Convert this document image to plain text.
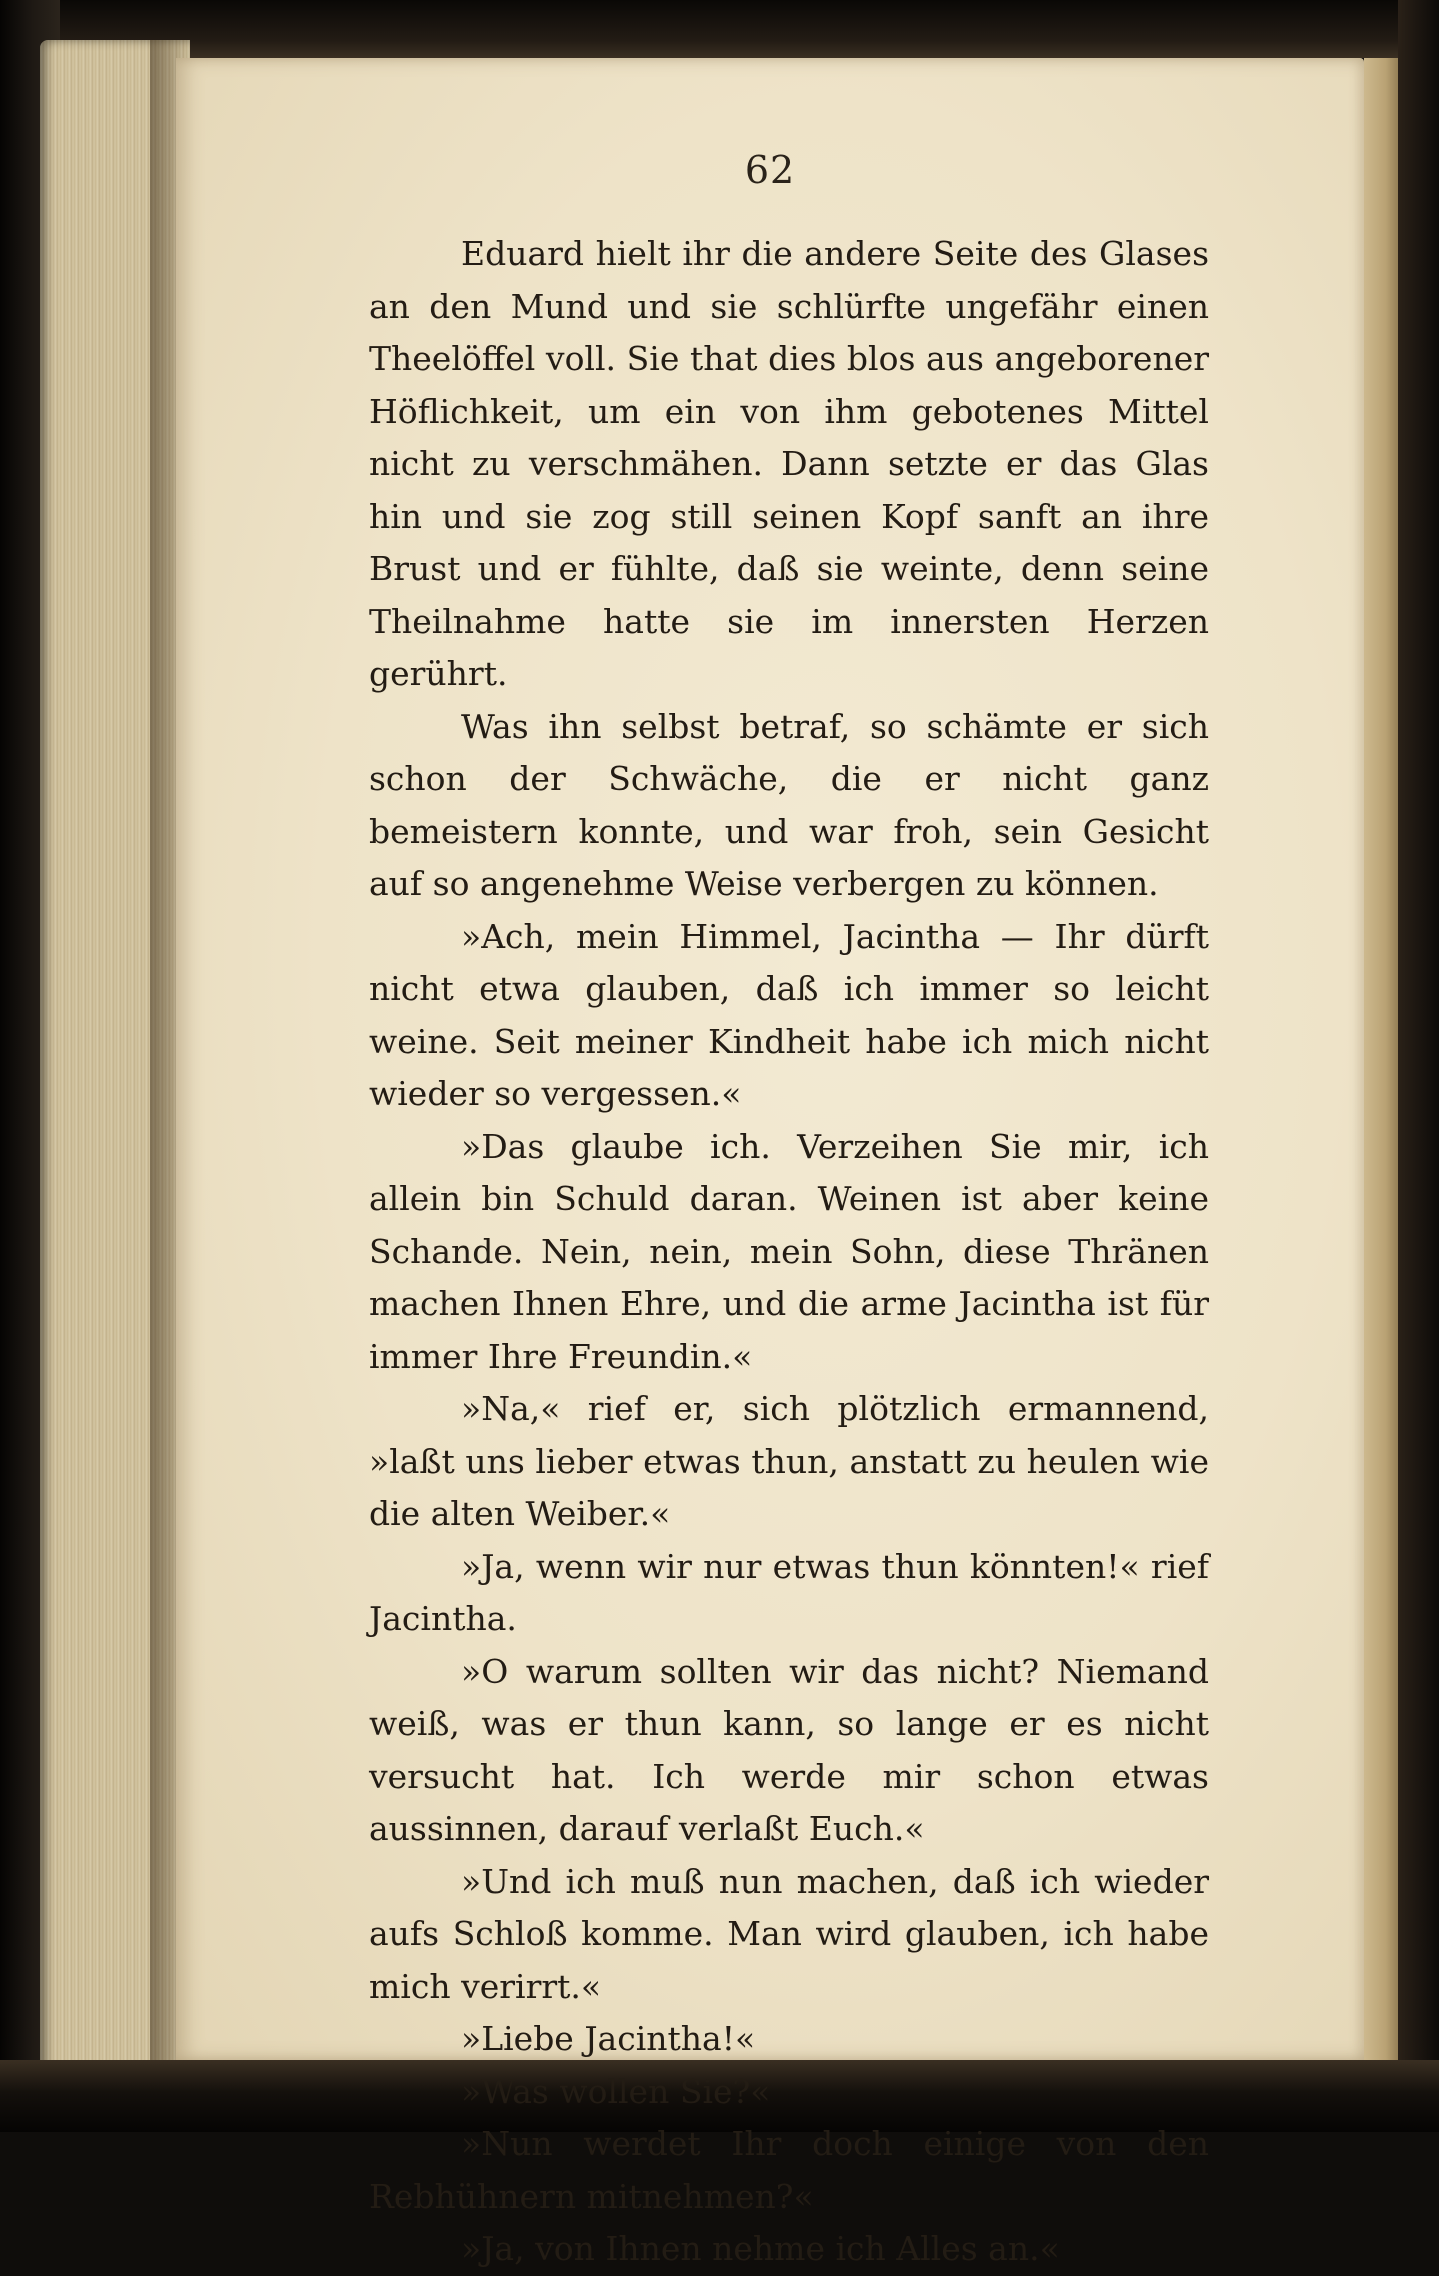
62

Eduard hielt ihr die andere Seite des Glases an den Mund und sie schlürfte ungefähr einen Theelöffel voll. Sie that dies blos aus angeborener Höflichkeit, um ein von ihm gebotenes Mittel nicht zu verschmähen. Dann setzte er das Glas hin und sie zog still seinen Kopf sanft an ihre Brust und er fühlte, daß sie weinte, denn seine Theilnahme hatte sie im innersten Herzen gerührt.

Was ihn selbst betraf, so schämte er sich schon der Schwäche, die er nicht ganz bemeistern konnte, und war froh, sein Gesicht auf so angenehme Weise verbergen zu können.

»Ach, mein Himmel, Jacintha — Ihr dürft nicht etwa glauben, daß ich immer so leicht weine. Seit meiner Kindheit habe ich mich nicht wieder so vergessen.«

»Das glaube ich. Verzeihen Sie mir, ich allein bin Schuld daran. Weinen ist aber keine Schande. Nein, nein, mein Sohn, diese Thränen machen Ihnen Ehre, und die arme Jacintha ist für immer Ihre Freundin.«

»Na,« rief er, sich plötzlich ermannend, »laßt uns lieber etwas thun, anstatt zu heulen wie die alten Weiber.«

»Ja, wenn wir nur etwas thun könnten!« rief Jacintha.

»O warum sollten wir das nicht? Niemand weiß, was er thun kann, so lange er es nicht versucht hat. Ich werde mir schon etwas aussinnen, darauf verlaßt Euch.«

»Und ich muß nun machen, daß ich wieder aufs Schloß komme. Man wird glauben, ich habe mich verirrt.«

»Liebe Jacintha!«

»Was wollen Sie?«

»Nun werdet Ihr doch einige von den Rebhühnern mitnehmen?«

»Ja, von Ihnen nehme ich Alles an.«
